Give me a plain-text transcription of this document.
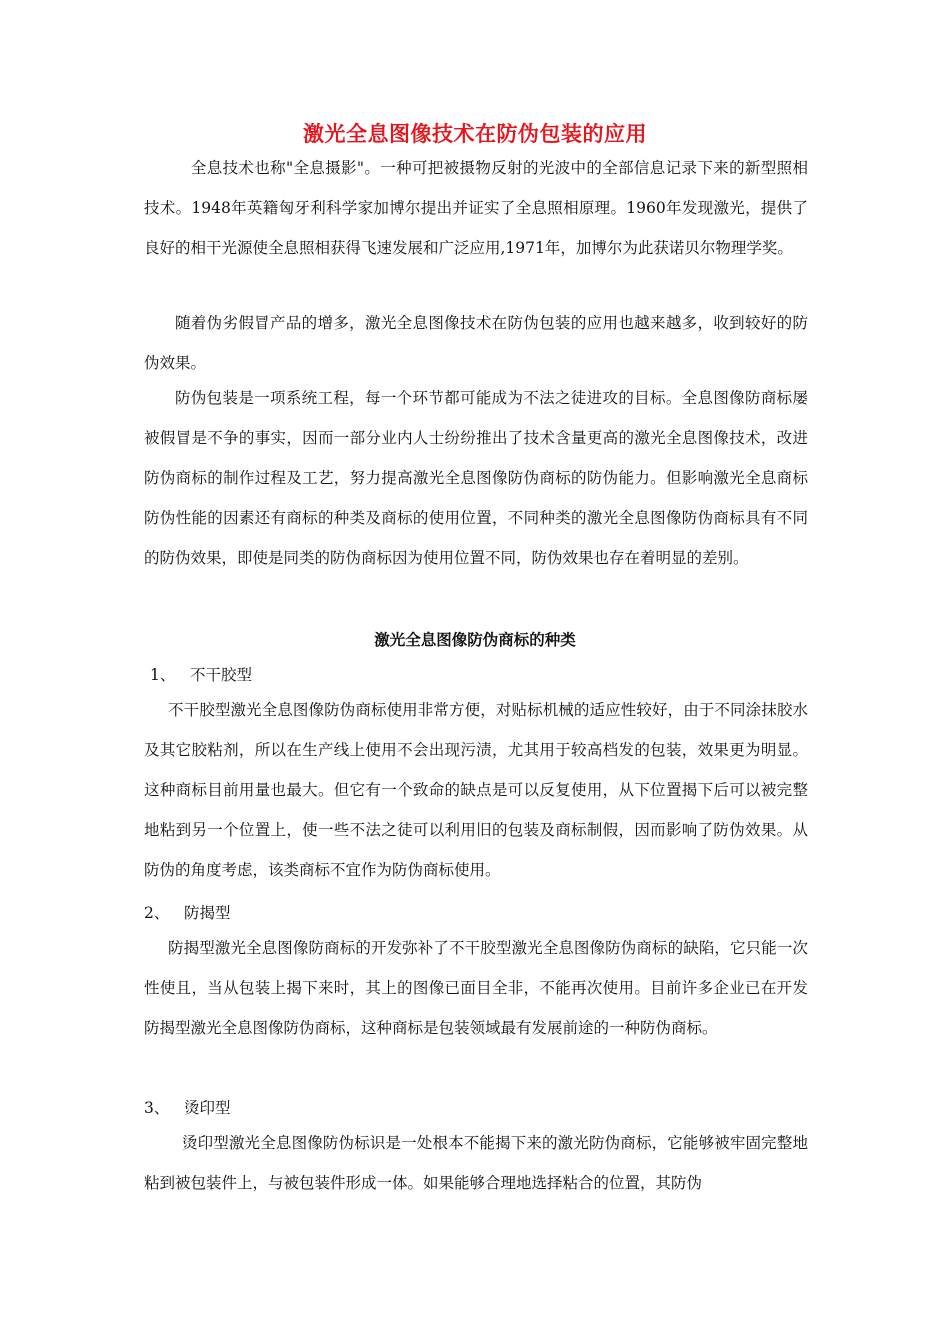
激光全息图像技术在防伪包装的应用

　全息技术也称"全息摄影"。一种可把被摄物反射的光波中的全部信息记录下来的新型照相技术。1948年英籍匈牙利科学家加博尔提出并证实了全息照相原理。1960年发现激光，提供了良好的相干光源使全息照相获得飞速发展和广泛应用,1971年，加博尔为此获诺贝尔物理学奖。

随着伪劣假冒产品的增多，激光全息图像技术在防伪包装的应用也越来越多，收到较好的防伪效果。

防伪包装是一项系统工程，每一个环节都可能成为不法之徒进攻的目标。全息图像防商标屡被假冒是不争的事实，因而一部分业内人士纷纷推出了技术含量更高的激光全息图像技术，改进防伪商标的制作过程及工艺，努力提高激光全息图像防伪商标的防伪能力。但影响激光全息商标防伪性能的因素还有商标的种类及商标的使用位置，不同种类的激光全息图像防伪商标具有不同的防伪效果，即使是同类的防伪商标因为使用位置不同，防伪效果也存在着明显的差别。

激光全息图像防伪商标的种类
1、 不干胶型

不干胶型激光全息图像防伪商标使用非常方便，对贴标机械的适应性较好，由于不同涂抹胶水及其它胶粘剂，所以在生产线上使用不会出现污渍，尤其用于较高档发的包装，效果更为明显。这种商标目前用量也最大。但它有一个致命的缺点是可以反复使用，从下位置揭下后可以被完整地粘到另一个位置上，使一些不法之徒可以利用旧的包装及商标制假，因而影响了防伪效果。从防伪的角度考虑，该类商标不宜作为防伪商标使用。

2、 防揭型

防揭型激光全息图像防商标的开发弥补了不干胶型激光全息图像防伪商标的缺陷，它只能一次性使且，当从包装上揭下来时，其上的图像已面目全非，不能再次使用。目前许多企业已在开发防揭型激光全息图像防伪商标，这种商标是包装领域最有发展前途的一种防伪商标。

3、 烫印型

烫印型激光全息图像防伪标识是一处根本不能揭下来的激光防伪商标，它能够被牢固完整地粘到被包装件上，与被包装件形成一体。如果能够合理地选择粘合的位置，其防伪
